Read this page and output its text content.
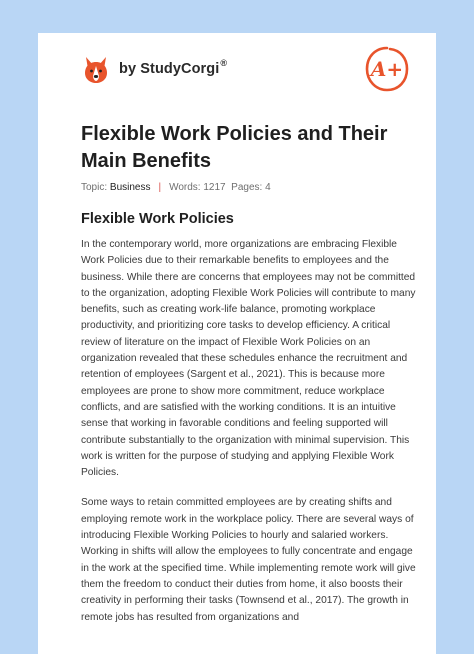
by StudyCorgi ®	A+
Flexible Work Policies and Their Main Benefits
Topic: Business | Words: 1217 Pages: 4
Flexible Work Policies

In the contemporary world, more organizations are embracing Flexible Work Policies due to their remarkable benefits to employees and the business. While there are concerns that employees may not be committed to the organization, adopting Flexible Work Policies will contribute to many benefits, such as creating work-life balance, promoting workplace productivity, and prioritizing core tasks to develop efficiency. A critical review of literature on the impact of Flexible Work Policies on an organization revealed that these schedules enhance the recruitment and retention of employees (Sargent et al., 2021). This is because more employees are prone to show more commitment, reduce workplace conflicts, and are satisfied with the working conditions. It is an intuitive sense that working in favorable conditions and feeling supported will contribute substantially to the organization with minimal supervision. This work is written for the purpose of studying and applying Flexible Work Policies.

Some ways to retain committed employees are by creating shifts and employing remote work in the workplace policy. There are several ways of introducing Flexible Working Policies to hourly and salaried workers. Working in shifts will allow the employees to fully concentrate and engage in the work at the specified time. While implementing remote work will give them the freedom to conduct their duties from home, it also boosts their creativity in performing their tasks (Townsend et al., 2017). The growth in remote jobs has resulted from organizations and
